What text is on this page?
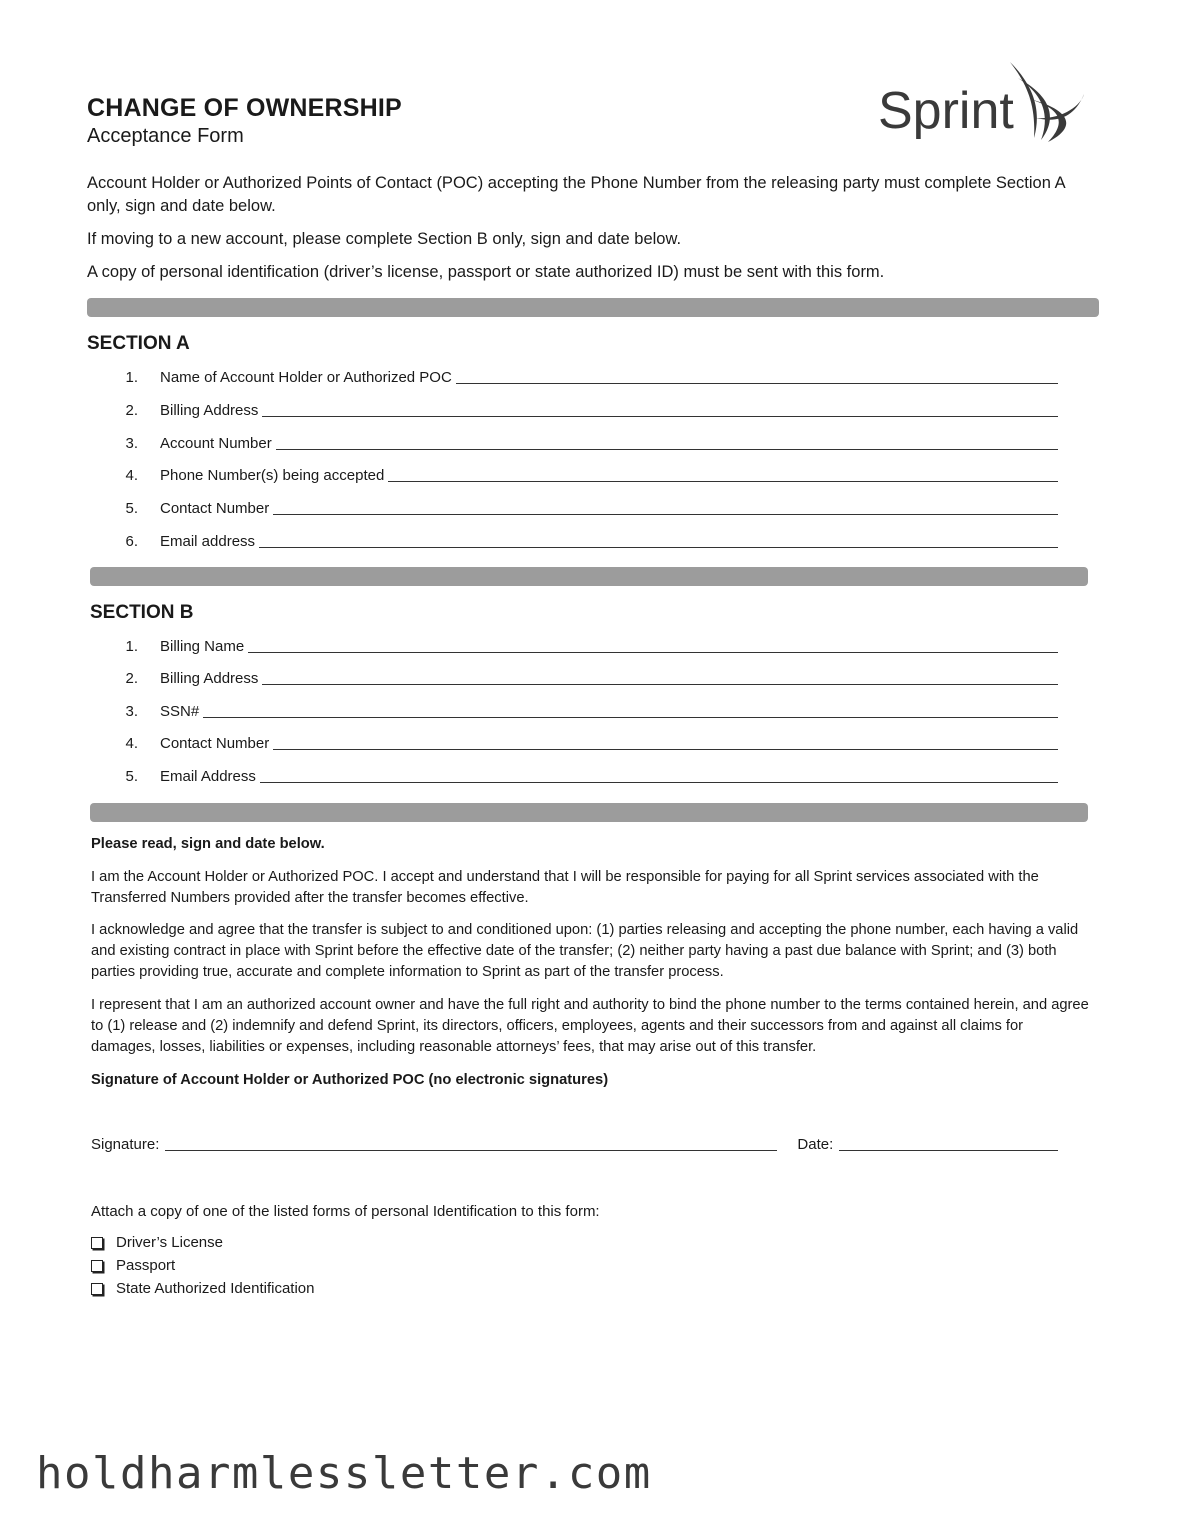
CHANGE OF OWNERSHIP
Acceptance Form	Sprint
Account Holder or Authorized Points of Contact (POC) accepting the Phone Number from the releasing party must complete Section A only, sign and date below.
If moving to a new account, please complete Section B only, sign and date below.
A copy of personal identification (driver’s license, passport or state authorized ID) must be sent with this form.
SECTION A
1.	Name of Account Holder or Authorized POC
2.	Billing Address
3.	Account Number
4.	Phone Number(s) being accepted
5.	Contact Number
6.	Email address
SECTION B
1.	Billing Name
2.	Billing Address
3.	SSN#
4.	Contact Number
5.	Email Address
Please read, sign and date below.
I am the Account Holder or Authorized POC. I accept and understand that I will be responsible for paying for all Sprint services associated with the Transferred Numbers provided after the transfer becomes effective.
I acknowledge and agree that the transfer is subject to and conditioned upon: (1) parties releasing and accepting the phone number, each having a valid and existing contract in place with Sprint before the effective date of the transfer; (2) neither party having a past due balance with Sprint; and (3) both parties providing true, accurate and complete information to Sprint as part of the transfer process.
I represent that I am an authorized account owner and have the full right and authority to bind the phone number to the terms contained herein, and agree to (1) release and (2) indemnify and defend Sprint, its directors, officers, employees, agents and their successors from and against all claims for damages, losses, liabilities or expenses, including reasonable attorneys’ fees, that may arise out of this transfer.
Signature of Account Holder or Authorized POC (no electronic signatures)
Signature:	Date:
Attach a copy of one of the listed forms of personal Identification to this form:
Driver’s License
Passport
State Authorized Identification
holdharmlessletter.com
